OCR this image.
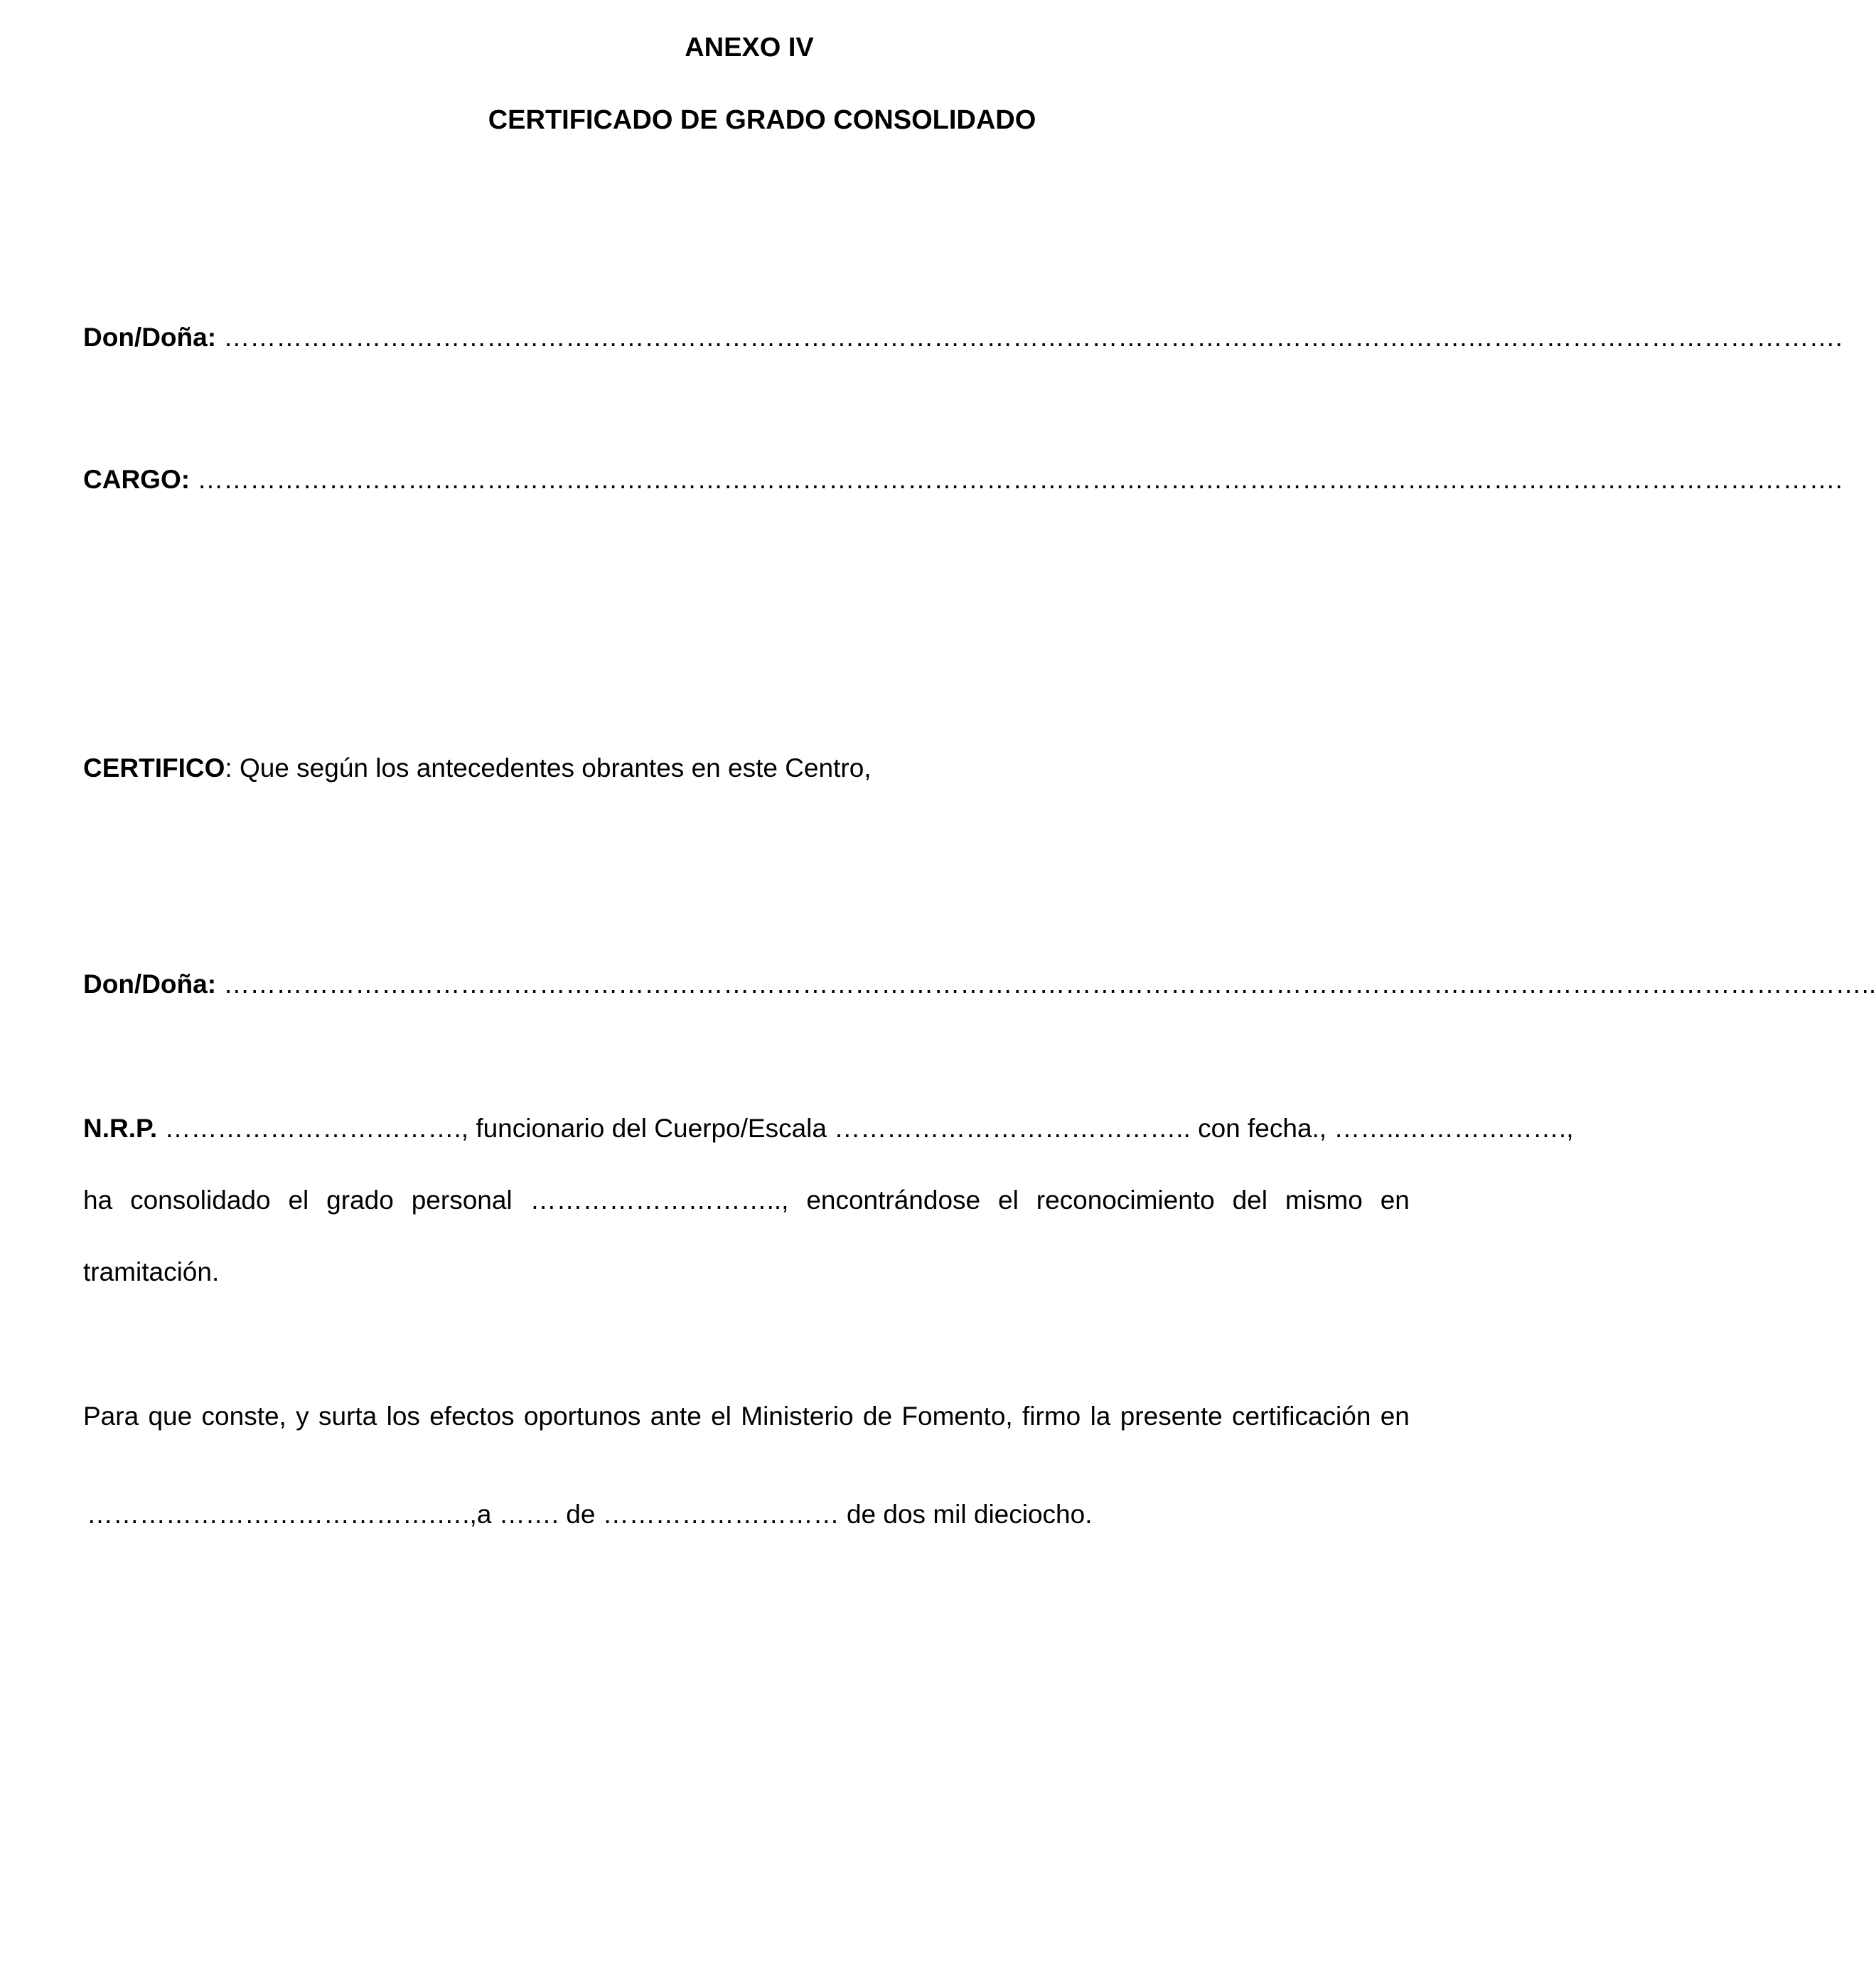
ANEXO IV
CERTIFICADO DE GRADO CONSOLIDADO
Don/Doña: …………………………………………………………………………………………………………………………….…………………………………….
CARGO: …………………………………………………………………………………………………………………………….……………………………………….
CERTIFICO: Que según los antecedentes obrantes en este Centro,
Don/Doña: …………………………………………………………………………………………………………………………….………………………………………..
N.R.P. ……………………………., funcionario del Cuerpo/Escala ………………………………….. con fecha., ……..……………….,
ha consolidado el grado personal ……………………….., encontrándose el reconocimiento del mismo en
tramitación.
Para que conste, y surta los efectos oportunos ante el Ministerio de Fomento, firmo la presente certificación en
………………………………….….,a ……. de ……………………… de dos mil dieciocho.
